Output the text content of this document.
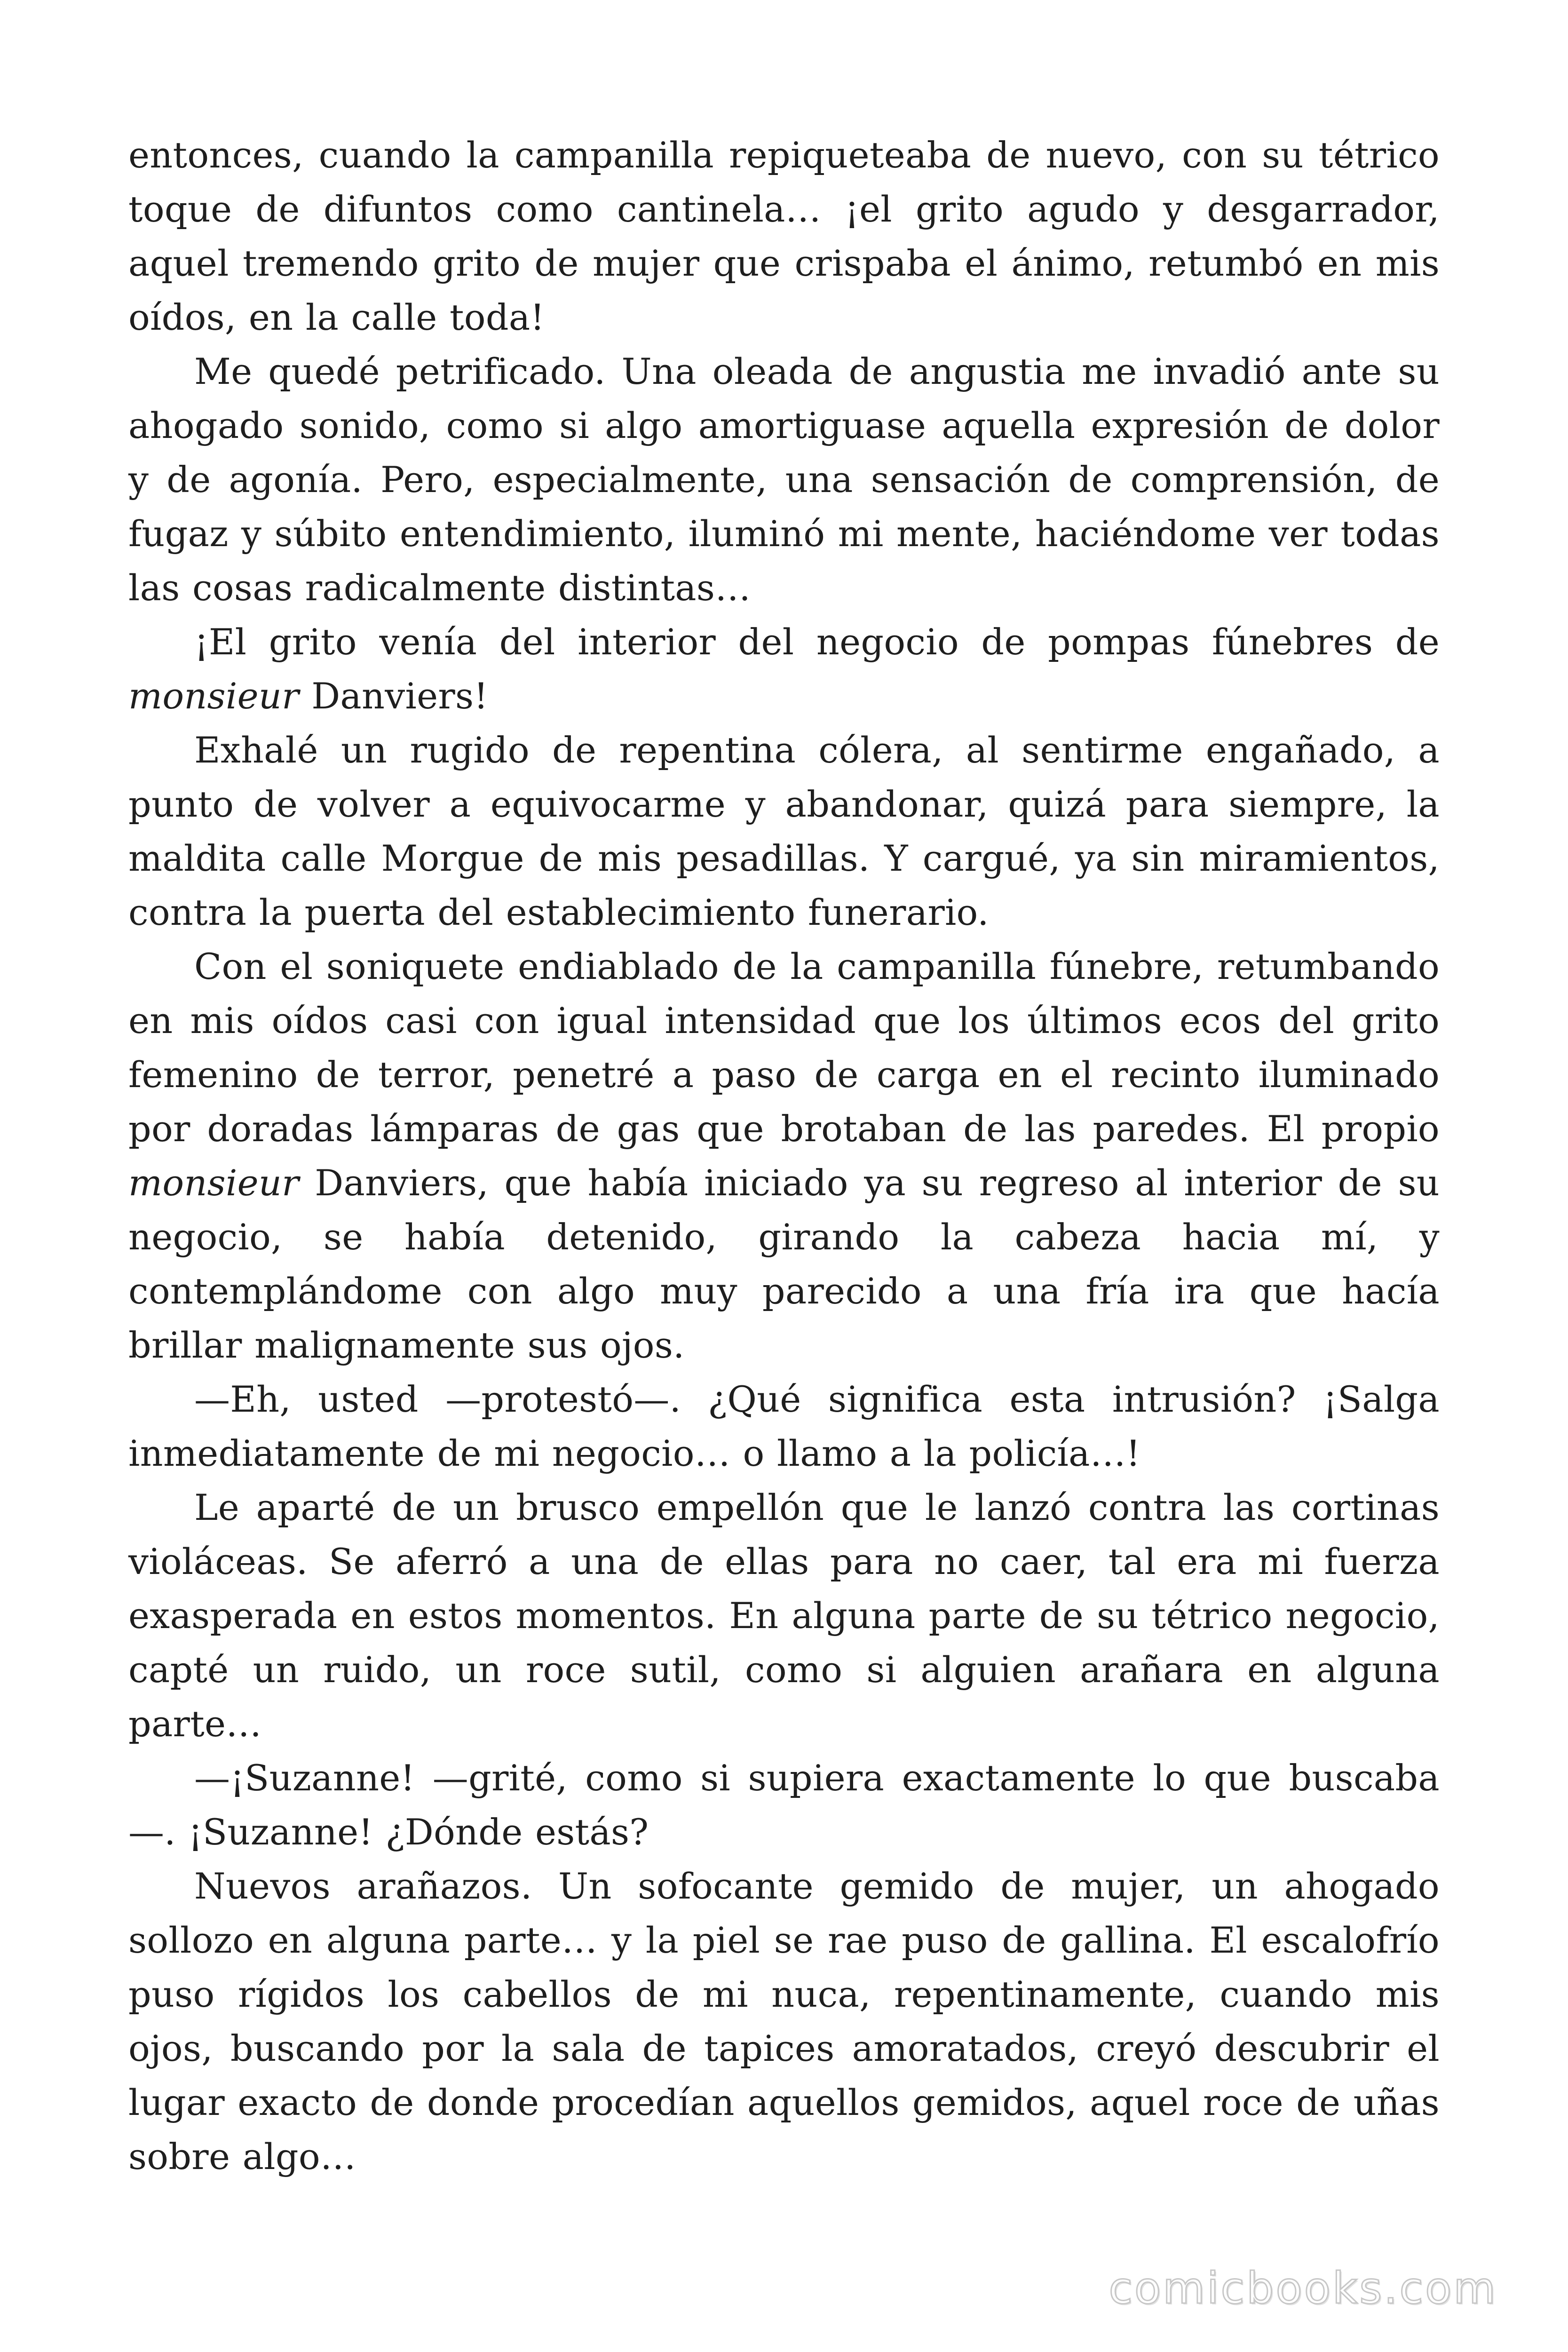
entonces, cuando la campanilla repiqueteaba de nuevo, con su tétrico toque de difuntos como cantinela… ¡el grito agudo y desgarrador, aquel tremendo grito de mujer que crispaba el ánimo, retumbó en mis oídos, en la calle toda!

Me quedé petrificado. Una oleada de angustia me invadió ante su ahogado sonido, como si algo amortiguase aquella expresión de dolor y de agonía. Pero, especialmente, una sensación de comprensión, de fugaz y súbito entendimiento, iluminó mi mente, haciéndome ver todas las cosas radicalmente distintas…

¡El grito venía del interior del negocio de pompas fúnebres de monsieur Danviers!

Exhalé un rugido de repentina cólera, al sentirme engañado, a punto de volver a equivocarme y abandonar, quizá para siempre, la maldita calle Morgue de mis pesadillas. Y cargué, ya sin miramientos, contra la puerta del establecimiento funerario.

Con el soniquete endiablado de la campanilla fúnebre, retumbando en mis oídos casi con igual intensidad que los últimos ecos del grito femenino de terror, penetré a paso de carga en el recinto iluminado por doradas lámparas de gas que brotaban de las paredes. El propio monsieur Danviers, que había iniciado ya su regreso al interior de su negocio, se había detenido, girando la cabeza hacia mí, y contemplándome con algo muy parecido a una fría ira que hacía brillar malignamente sus ojos.

—Eh, usted —protestó—. ¿Qué significa esta intrusión? ¡Salga inmediatamente de mi negocio… o llamo a la policía…!

Le aparté de un brusco empellón que le lanzó contra las cortinas violáceas. Se aferró a una de ellas para no caer, tal era mi fuerza exasperada en estos momentos. En alguna parte de su tétrico negocio, capté un ruido, un roce sutil, como si alguien arañara en alguna parte…

—¡Suzanne! —grité, como si supiera exactamente lo que buscaba—. ¡Suzanne! ¿Dónde estás?

Nuevos arañazos. Un sofocante gemido de mujer, un ahogado sollozo en alguna parte… y la piel se rae puso de gallina. El escalofrío puso rígidos los cabellos de mi nuca, repentinamente, cuando mis ojos, buscando por la sala de tapices amoratados, creyó descubrir el lugar exacto de donde procedían aquellos gemidos, aquel roce de uñas sobre algo…

comicbooks.com
